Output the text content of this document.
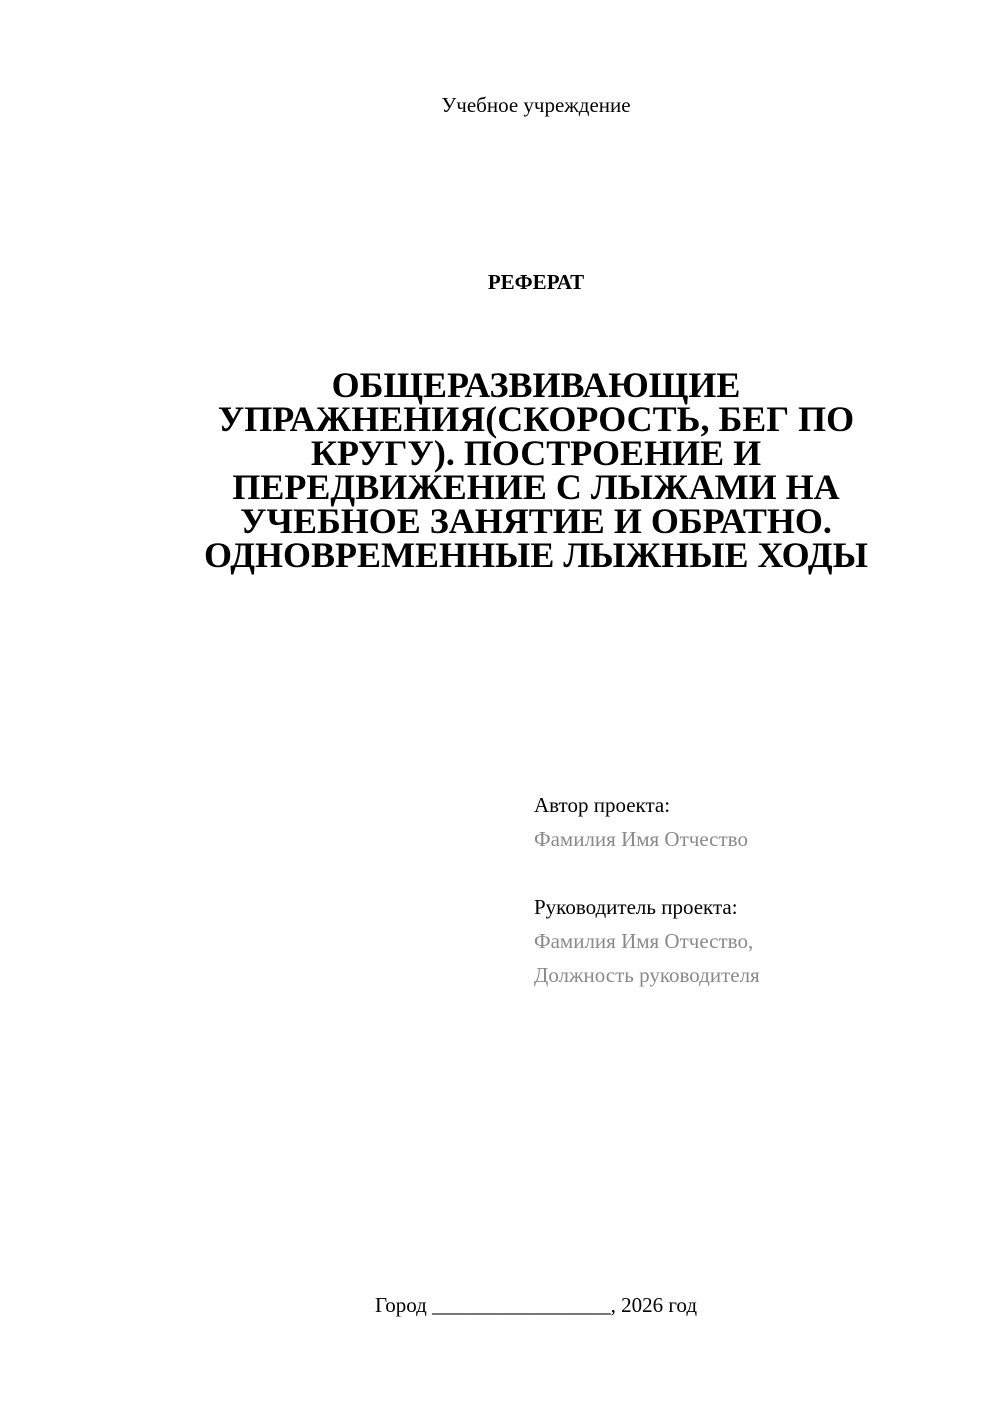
Учебное учреждение
РЕФЕРАТ
ОБЩЕРАЗВИВАЮЩИЕ
УПРАЖНЕНИЯ(СКОРОСТЬ, БЕГ ПО
КРУГУ). ПОСТРОЕНИЕ И
ПЕРЕДВИЖЕНИЕ С ЛЫЖАМИ НА
УЧЕБНОЕ ЗАНЯТИЕ И ОБРАТНО.
ОДНОВРЕМЕННЫЕ ЛЫЖНЫЕ ХОДЫ
Автор проекта:
Фамилия Имя Отчество
Руководитель проекта:
Фамилия Имя Отчество,
Должность руководителя
Город _________________, 2026 год
